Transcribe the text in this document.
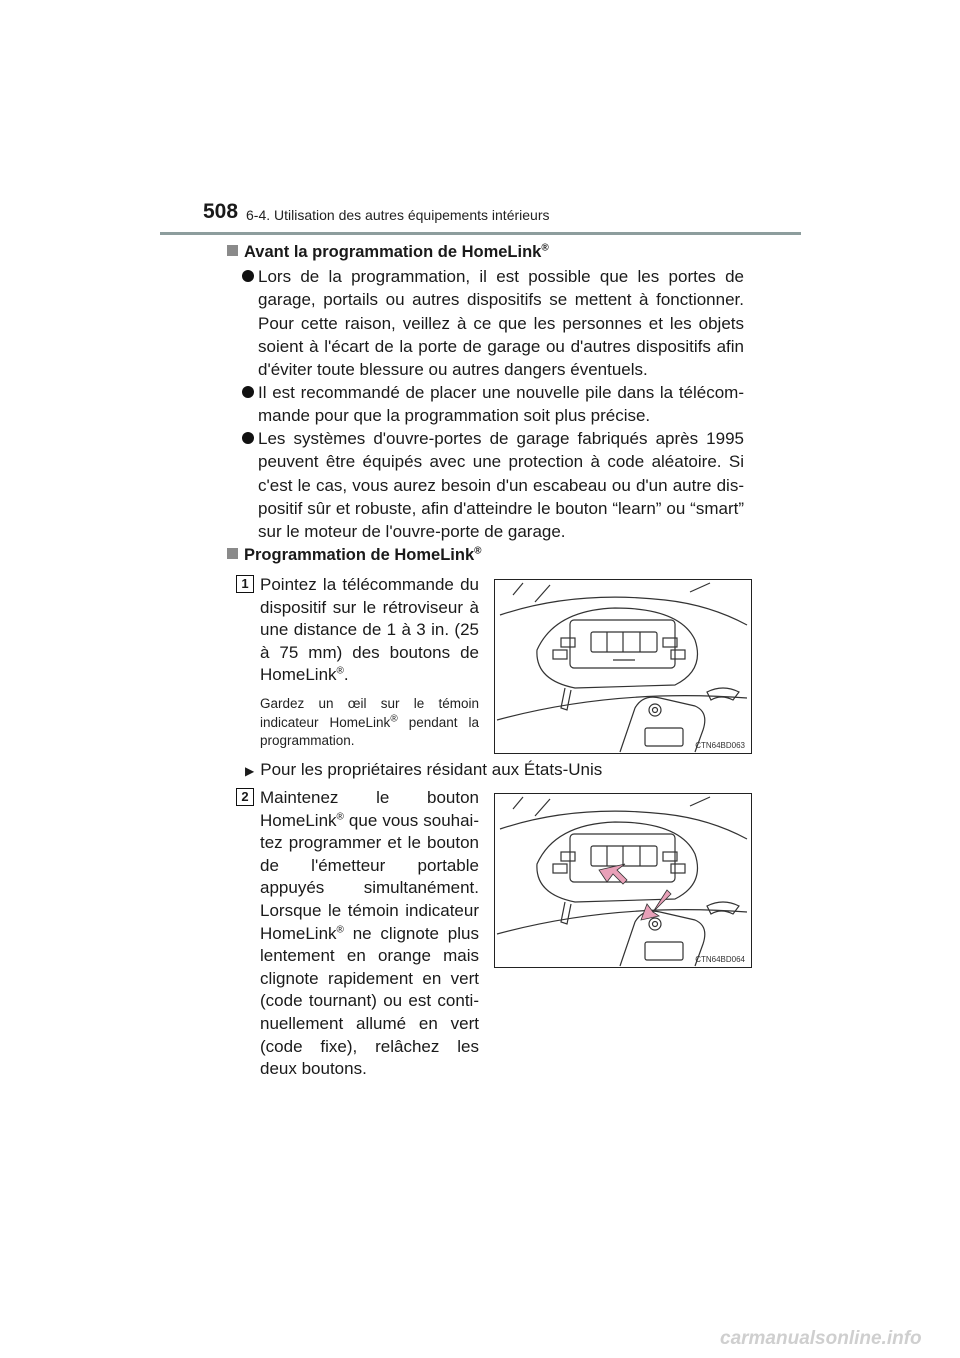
508 6-4. Utilisation des autres équipements intérieurs
Avant la programmation de HomeLink®
Lors de la programmation, il est possible que les portes de garage, portails ou autres dispositifs se mettent à fonctionner. Pour cette raison, veillez à ce que les personnes et les objets soient à l'écart de la porte de garage ou d'autres dispositifs afin d'éviter toute blessure ou autres dangers éventuels.
Il est recommandé de placer une nouvelle pile dans la télécom-mande pour que la programmation soit plus précise.
Les systèmes d'ouvre-portes de garage fabriqués après 1995 peuvent être équipés avec une protection à code aléatoire. Si c'est le cas, vous aurez besoin d'un escabeau ou d'un autre dis-positif sûr et robuste, afin d'atteindre le bouton “learn” ou “smart” sur le moteur de l'ouvre-porte de garage.
Programmation de HomeLink®
1 Pointez la télécommande du dispositif sur le rétroviseur à une distance de 1 à 3 in. (25 à 75 mm) des boutons de HomeLink®.
Gardez un œil sur le témoin indicateur HomeLink® pendant la programmation.	CTN64BD063
▶ Pour les propriétaires résidant aux États-Unis
2 Maintenez le bouton HomeLink® que vous souhai-tez programmer et le bouton de l'émetteur portable appuyés simultanément. Lorsque le témoin indicateur HomeLink® ne clignote plus lentement en orange mais clignote rapidement en vert (code tournant) ou est conti-nuellement allumé en vert (code fixe), relâchez les deux boutons.
CTN64BD064
carmanualsonline.info
